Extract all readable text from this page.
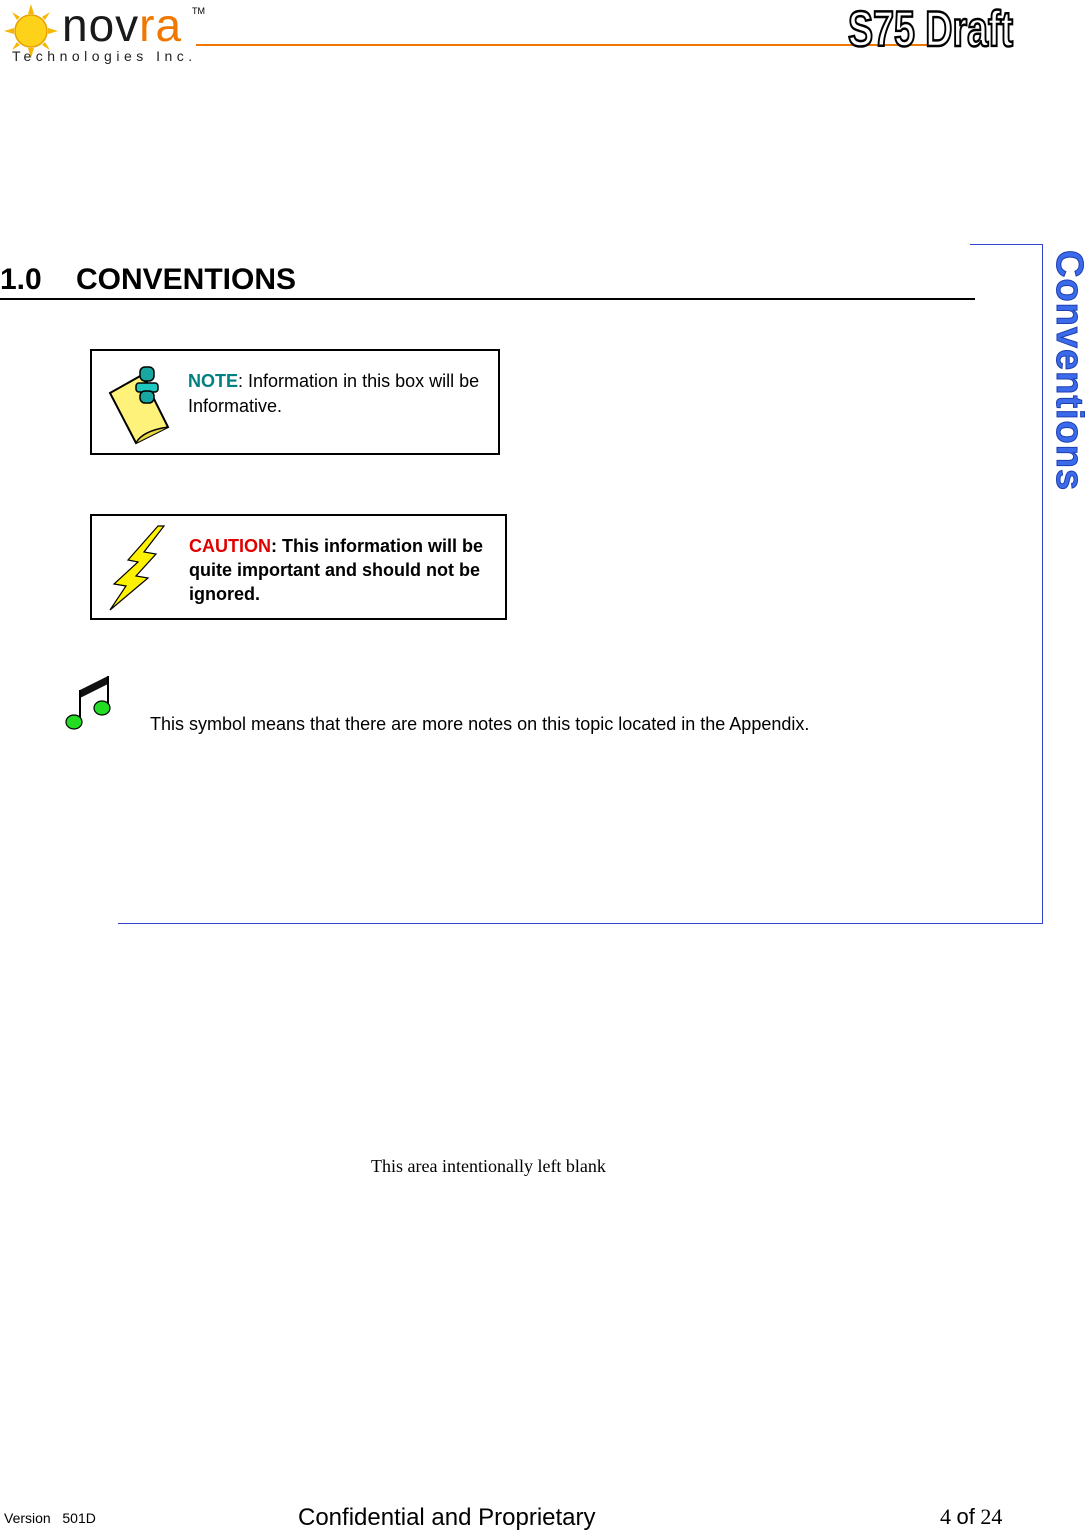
novra TM
Technologies Inc.	S75 Draft
1.0 CONVENTIONS	Conventions
NOTE: Information in this box will be Informative.
CAUTION: This information will be quite important and should not be ignored.
This symbol means that there are more notes on this topic located in the Appendix.
This area intentionally left blank
Version   501D	Confidential and Proprietary	4 of 24
